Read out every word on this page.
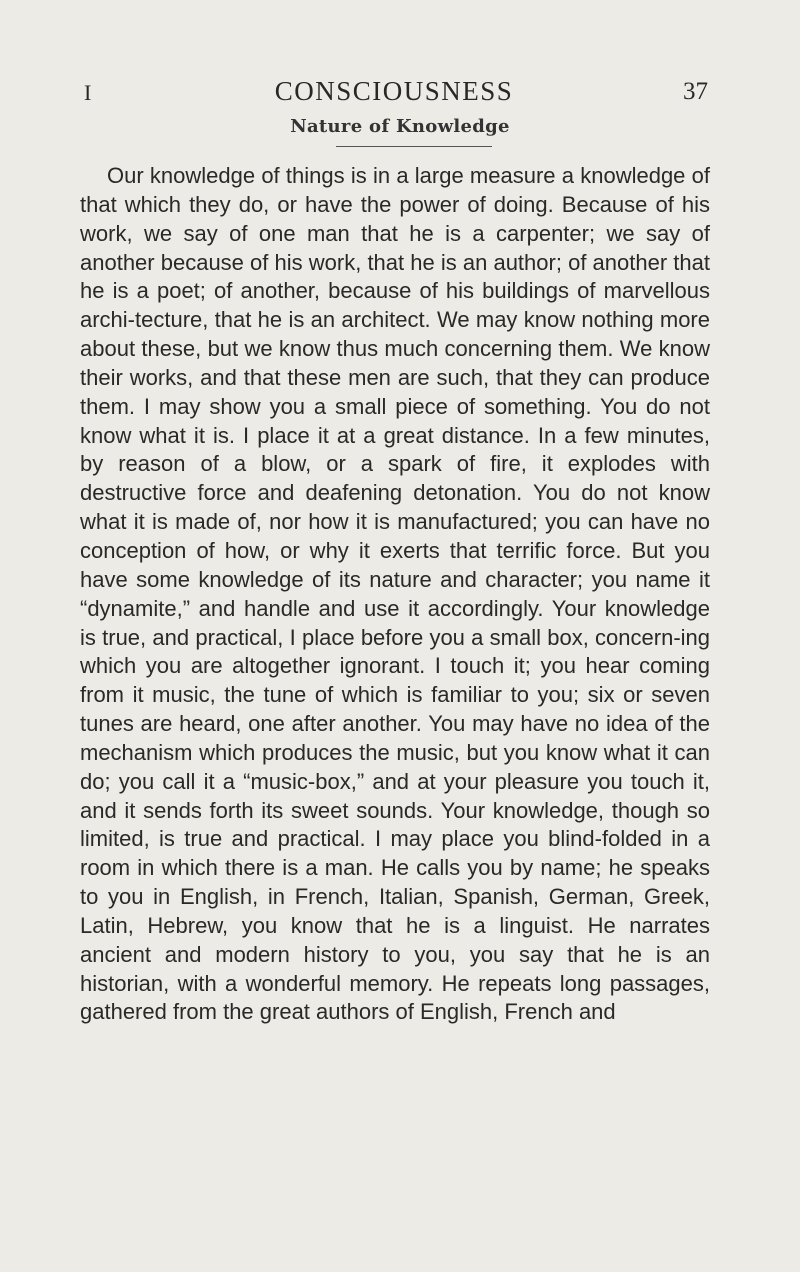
I	CONSCIOUSNESS	37
Nature of Knowledge

Our knowledge of things is in a large measure a knowledge of that which they do, or have the power of doing. Because of his work, we say of one man that he is a carpenter; we say of another because of his work, that he is an author; of another that he is a poet; of another, because of his buildings of marvellous archi-tecture, that he is an architect. We may know nothing more about these, but we know thus much concerning them. We know their works, and that these men are such, that they can produce them. I may show you a small piece of something. You do not know what it is. I place it at a great distance. In a few minutes, by reason of a blow, or a spark of fire, it explodes with destructive force and deafening detonation. You do not know what it is made of, nor how it is manufactured; you can have no conception of how, or why it exerts that terrific force. But you have some knowledge of its nature and character; you name it “dynamite,” and handle and use it accordingly. Your knowledge is true, and practical, I place before you a small box, concern-ing which you are altogether ignorant. I touch it; you hear coming from it music, the tune of which is familiar to you; six or seven tunes are heard, one after another. You may have no idea of the mechanism which produces the music, but you know what it can do; you call it a “music-box,” and at your pleasure you touch it, and it sends forth its sweet sounds. Your knowledge, though so limited, is true and practical. I may place you blind-folded in a room in which there is a man. He calls you by name; he speaks to you in English, in French, Italian, Spanish, German, Greek, Latin, Hebrew, you know that he is a linguist. He narrates ancient and modern history to you, you say that he is an historian, with a wonderful memory. He repeats long passages, gathered from the great authors of English, French and
